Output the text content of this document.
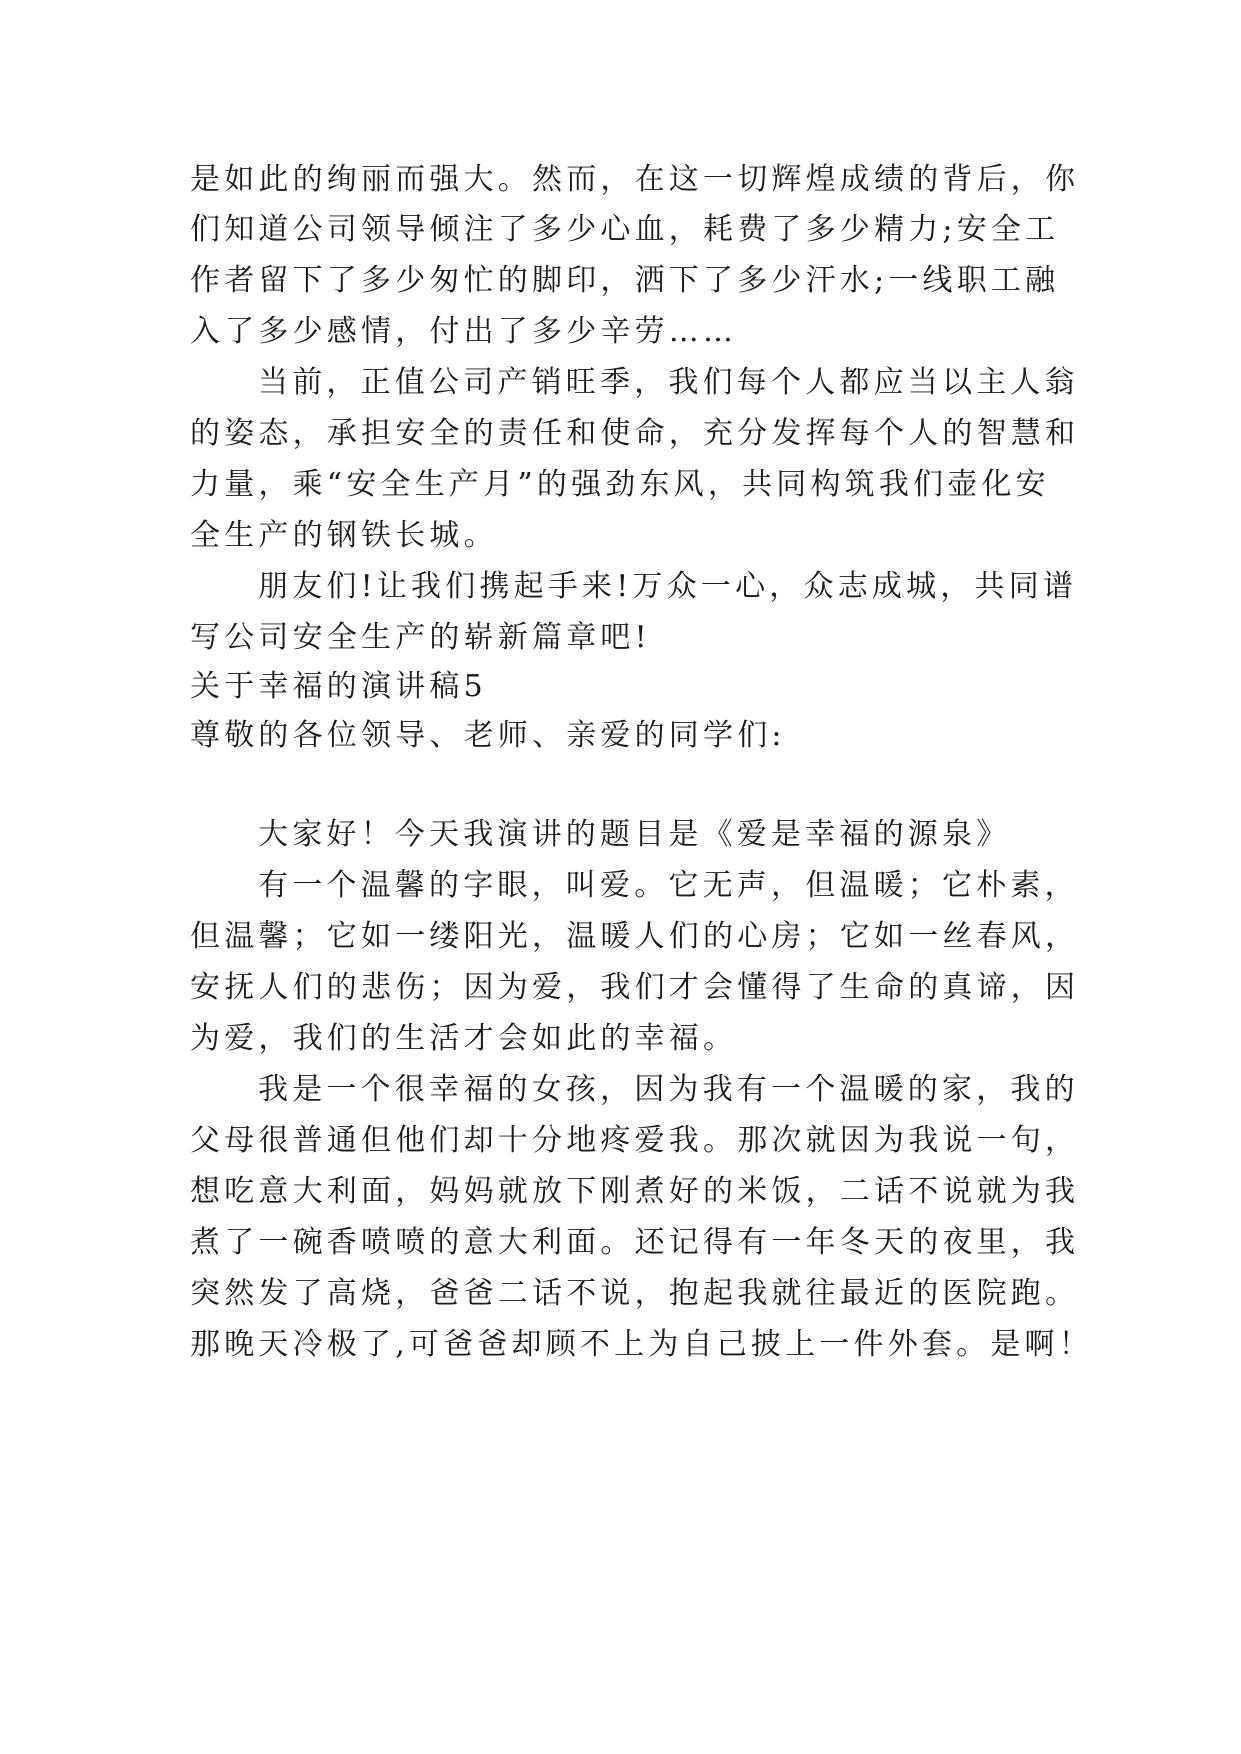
是如此的绚丽而强大。然而，在这一切辉煌成绩的背后，你
们知道公司领导倾注了多少心血，耗费了多少精力;安全工
作者留下了多少匆忙的脚印，洒下了多少汗水;一线职工融
入了多少感情，付出了多少辛劳……
当前，正值公司产销旺季，我们每个人都应当以主人翁
的姿态，承担安全的责任和使命，充分发挥每个人的智慧和
力量，乘“安全生产月”的强劲东风，共同构筑我们壶化安
全生产的钢铁长城。
朋友们!让我们携起手来!万众一心，众志成城，共同谱
写公司安全生产的崭新篇章吧!
关于幸福的演讲稿5
尊敬的各位领导、老师、亲爱的同学们:
大家好！今天我演讲的题目是《爱是幸福的源泉》
有一个温馨的字眼，叫爱。它无声，但温暖；它朴素，
但温馨；它如一缕阳光，温暖人们的心房；它如一丝春风，
安抚人们的悲伤；因为爱，我们才会懂得了生命的真谛，因
为爱，我们的生活才会如此的幸福。
我是一个很幸福的女孩，因为我有一个温暖的家，我的
父母很普通但他们却十分地疼爱我。那次就因为我说一句，
想吃意大利面，妈妈就放下刚煮好的米饭，二话不说就为我
煮了一碗香喷喷的意大利面。还记得有一年冬天的夜里，我
突然发了高烧，爸爸二话不说，抱起我就往最近的医院跑。
那晚天冷极了,可爸爸却顾不上为自己披上一件外套。是啊！
